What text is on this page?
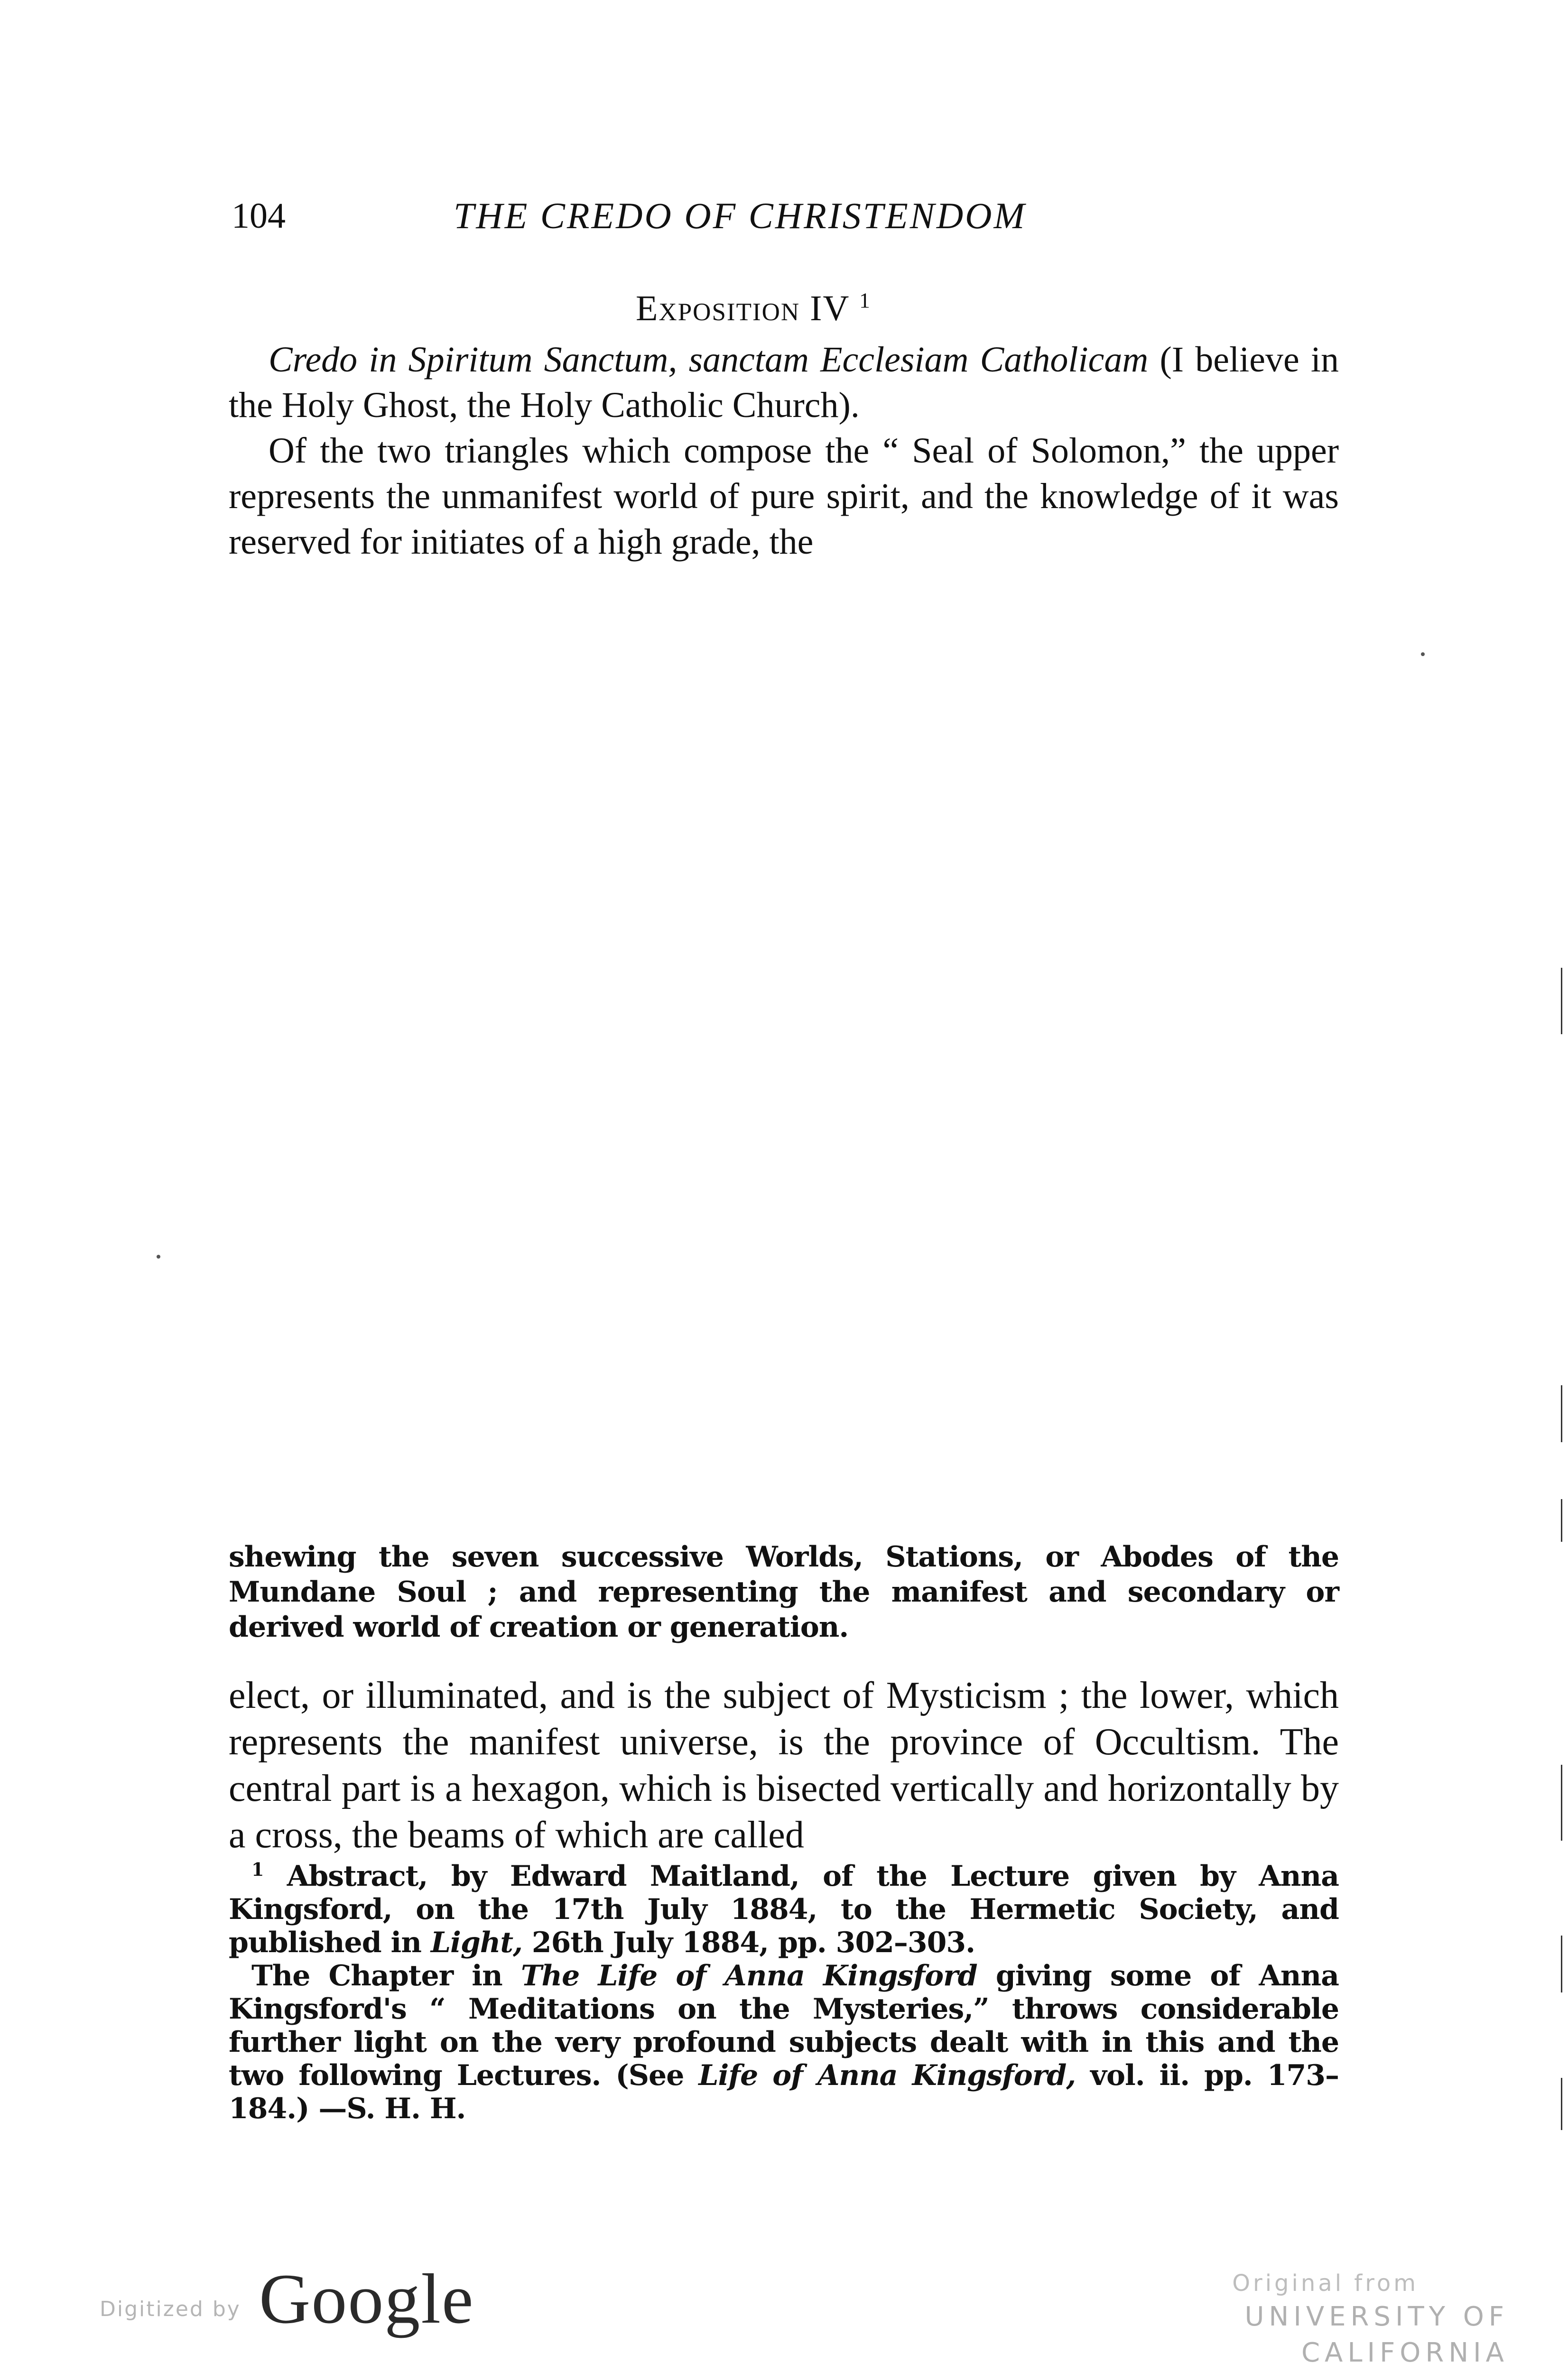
104	THE CREDO OF CHRISTENDOM
Exposition IV $^1$

Credo in Spiritum Sanctum, sanctam Ecclesiam Catholicam (I believe in the Holy Ghost, the Holy Catholic Church).

Of the two triangles which compose the “ Seal of Solomon,” the upper represents the unmanifest world of pure spirit, and the knowledge of it was reserved for initiates of a high grade, the

shewing the seven successive Worlds, Stations, or Abodes of the Mundane Soul ; and representing the manifest and secondary or derived world of creation or generation.

elect, or illuminated, and is the subject of Mysticism ; the lower, which represents the manifest universe, is the province of Occultism. The central part is a hexagon, which is bisected vertically and horizontally by a cross, the beams of which are called

$^1$ Abstract, by Edward Maitland, of the Lecture given by Anna Kingsford, on the 17th July 1884, to the Hermetic Society, and published in Light, 26th July 1884, pp. 302–303.

The Chapter in The Life of Anna Kingsford giving some of Anna Kingsford's “ Meditations on the Mysteries,” throws considerable further light on the very profound subjects dealt with in this and the two following Lectures. (See Life of Anna Kingsford, vol. ii. pp. 173–184.) —S. H. H.

Digitized by Google	Original from
UNIVERSITY OF CALIFORNIA
